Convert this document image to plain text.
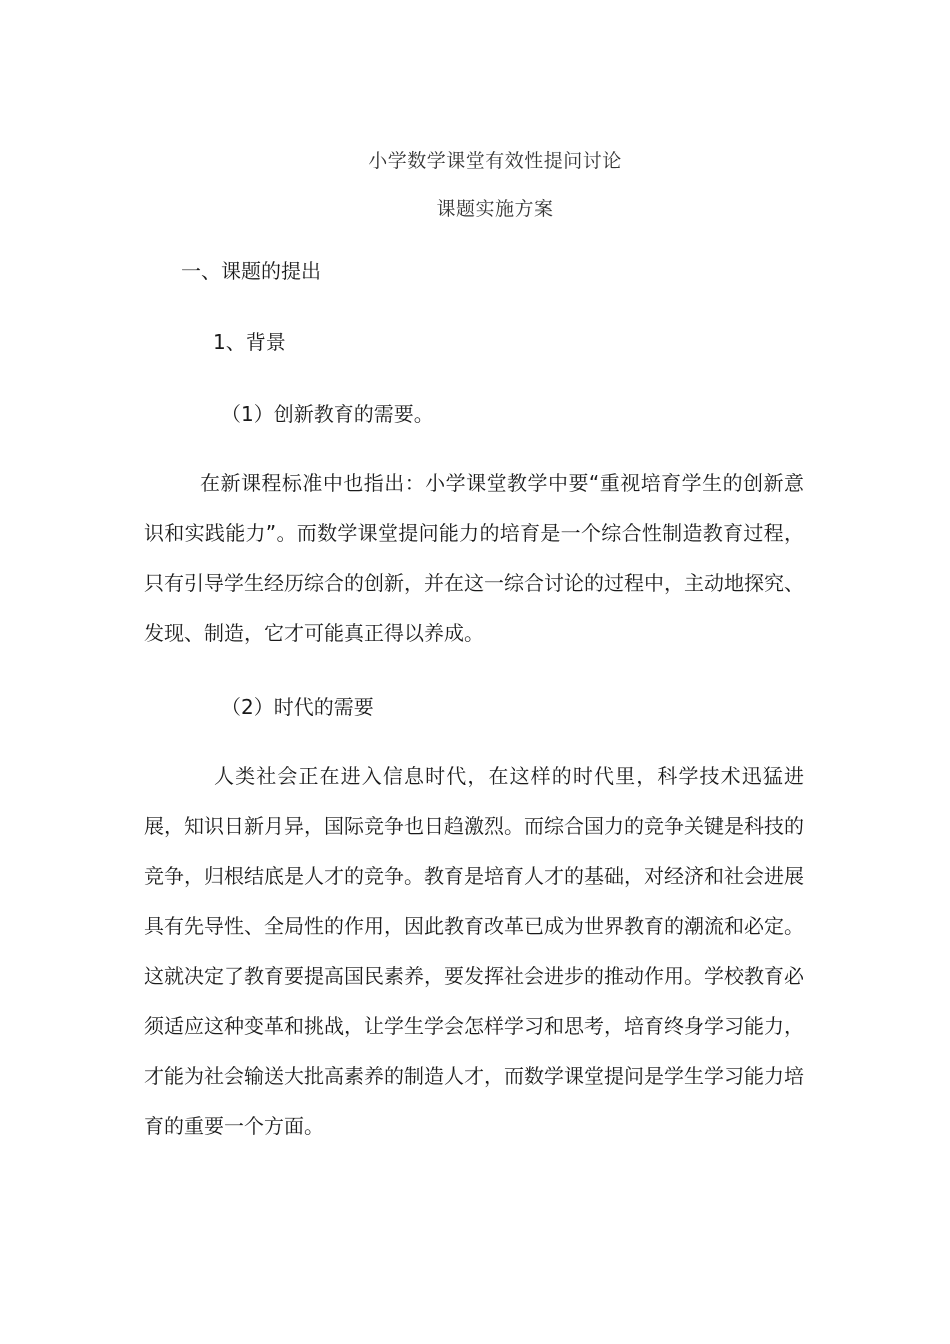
小学数学课堂有效性提问讨论
课题实施方案
一、课题的提出
1、背景
（1）创新教育的需要。

在新课程标准中也指出：小学课堂教学中要“重视培育学生的创新意识和实践能力”。而数学课堂提问能力的培育是一个综合性制造教育过程，只有引导学生经历综合的创新，并在这一综合讨论的过程中，主动地探究、发现、制造，它才可能真正得以养成。

（2）时代的需要

人类社会正在进入信息时代，在这样的时代里，科学技术迅猛进展，知识日新月异，国际竞争也日趋激烈。而综合国力的竞争关键是科技的竞争，归根结底是人才的竞争。教育是培育人才的基础，对经济和社会进展具有先导性、全局性的作用，因此教育改革已成为世界教育的潮流和必定。这就决定了教育要提高国民素养，要发挥社会进步的推动作用。学校教育必须适应这种变革和挑战，让学生学会怎样学习和思考，培育终身学习能力，才能为社会输送大批高素养的制造人才，而数学课堂提问是学生学习能力培育的重要一个方面。
